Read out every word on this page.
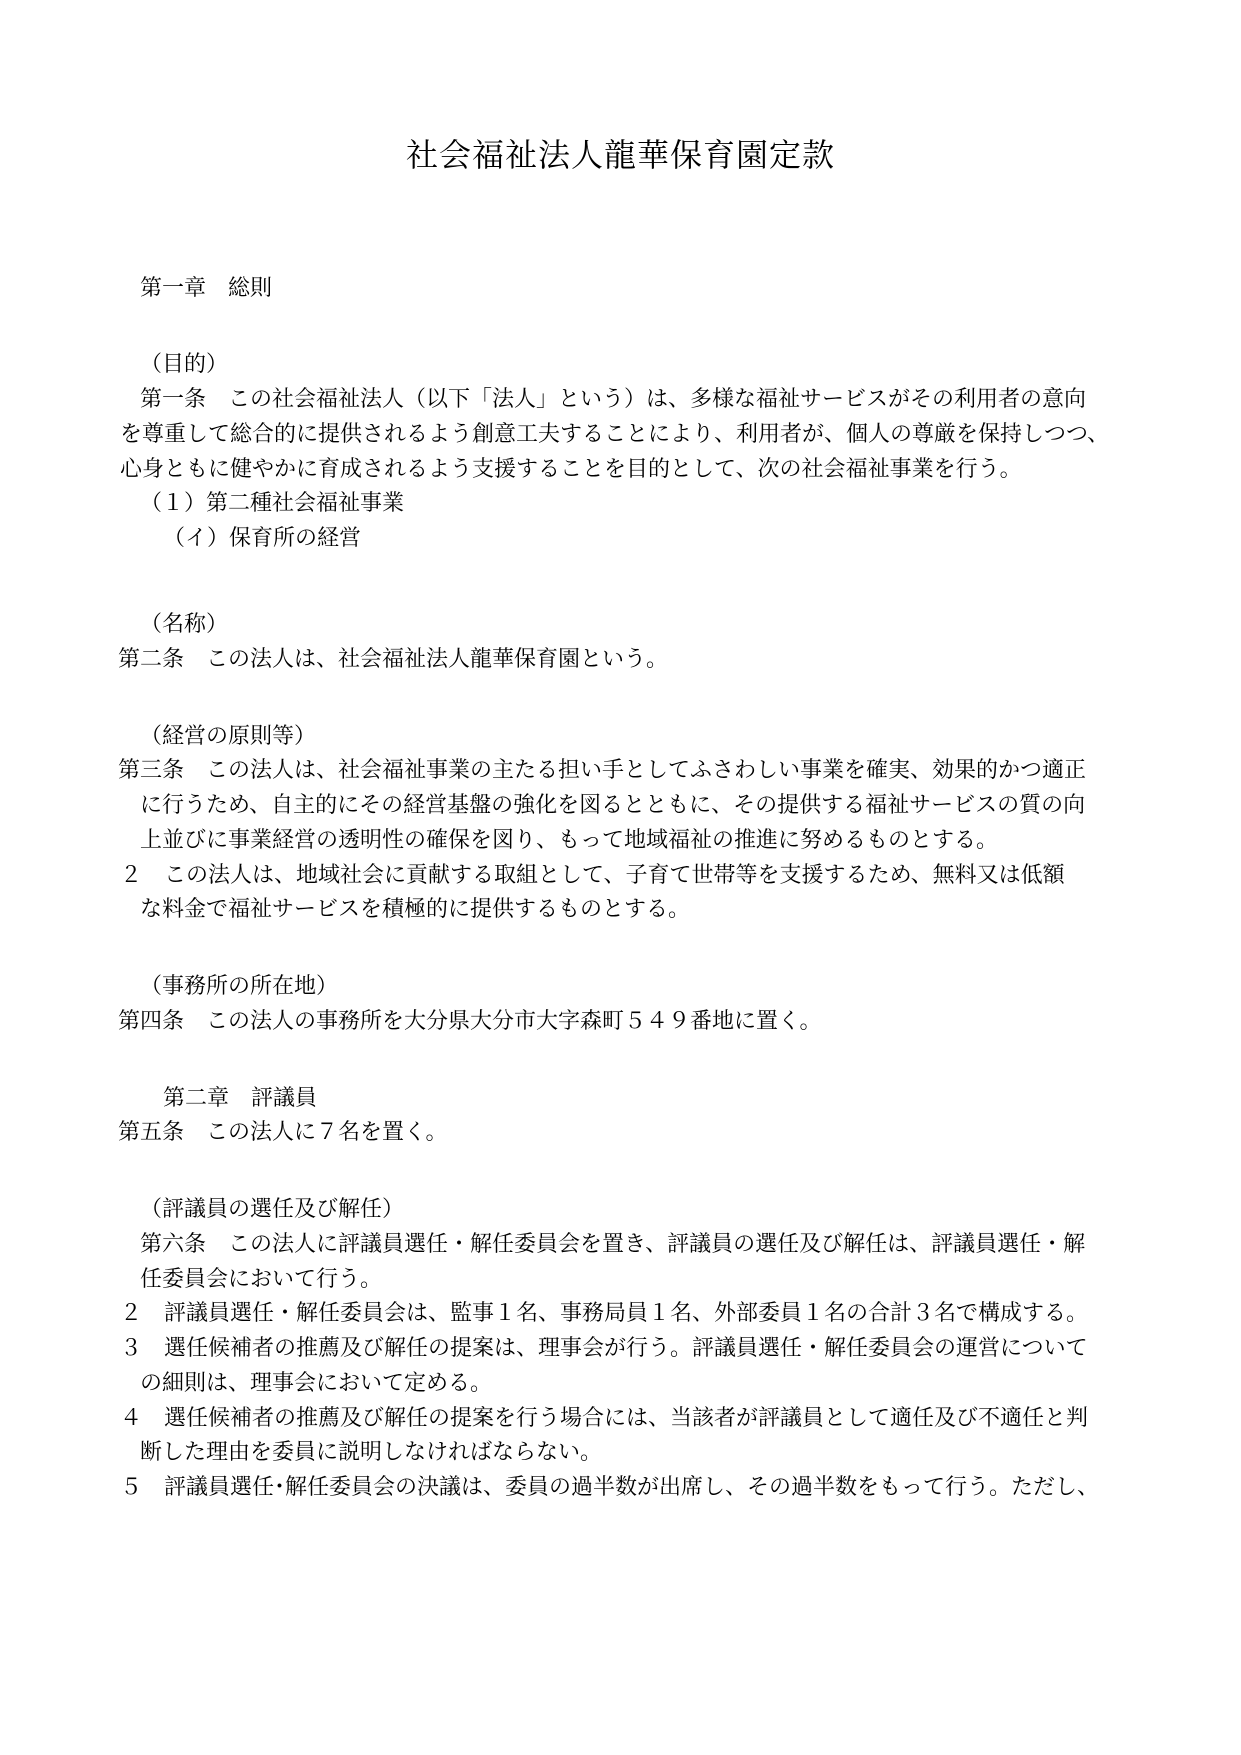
社会福祉法人龍華保育園定款
第一章　総則
（目的）
第一条　この社会福祉法人（以下「法人」という）は、多様な福祉サービスがその利用者の意向
を尊重して総合的に提供されるよう創意工夫することにより、利用者が、個人の尊厳を保持しつつ、
心身ともに健やかに育成されるよう支援することを目的として、次の社会福祉事業を行う。
（１）第二種社会福祉事業
（イ）保育所の経営
（名称）
第二条　この法人は、社会福祉法人龍華保育園という。
（経営の原則等）
第三条　この法人は、社会福祉事業の主たる担い手としてふさわしい事業を確実、効果的かつ適正
に行うため、自主的にその経営基盤の強化を図るとともに、その提供する福祉サービスの質の向
上並びに事業経営の透明性の確保を図り、もって地域福祉の推進に努めるものとする。
２　この法人は、地域社会に貢献する取組として、子育て世帯等を支援するため、無料又は低額
な料金で福祉サービスを積極的に提供するものとする。
（事務所の所在地）
第四条　この法人の事務所を大分県大分市大字森町５４９番地に置く。
第二章　評議員
第五条　この法人に７名を置く。
（評議員の選任及び解任）
第六条　この法人に評議員選任・解任委員会を置き、評議員の選任及び解任は、評議員選任・解
任委員会において行う。
２　評議員選任・解任委員会は、監事１名、事務局員１名、外部委員１名の合計３名で構成する。
３　選任候補者の推薦及び解任の提案は、理事会が行う。評議員選任・解任委員会の運営について
の細則は、理事会において定める。
４　選任候補者の推薦及び解任の提案を行う場合には、当該者が評議員として適任及び不適任と判
断した理由を委員に説明しなければならない。
５　評議員選任･解任委員会の決議は、委員の過半数が出席し、その過半数をもって行う。ただし、
